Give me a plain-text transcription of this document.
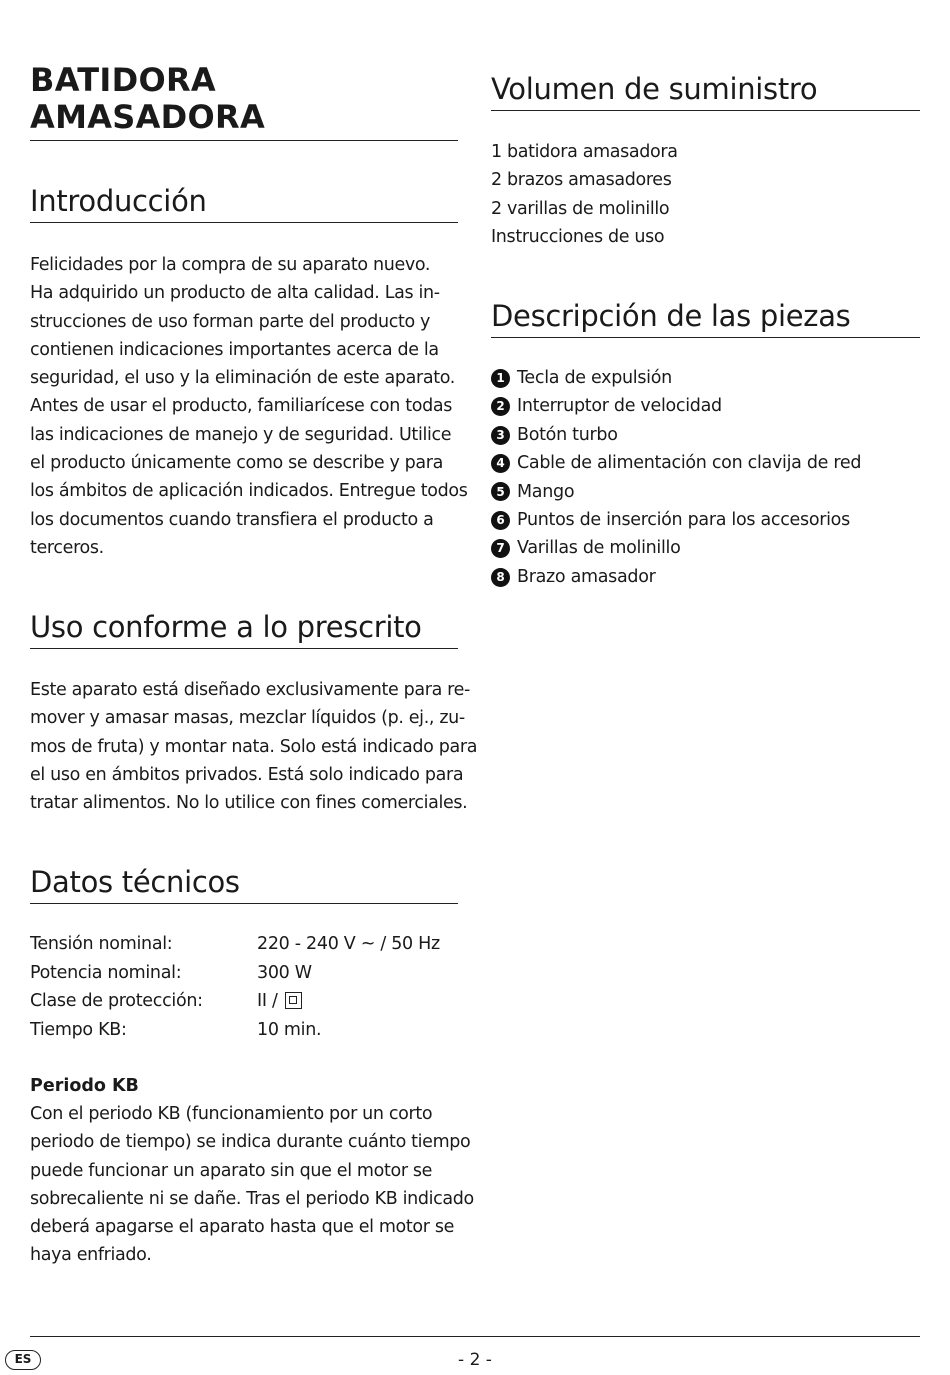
BATIDORA
AMASADORA
Introducción
Felicidades por la compra de su aparato nuevo.
Ha adquirido un producto de alta calidad. Las in-
strucciones de uso forman parte del producto y
contienen indicaciones importantes acerca de la
seguridad, el uso y la eliminación de este aparato.
Antes de usar el producto, familiarícese con todas
las indicaciones de manejo y de seguridad. Utilice
el producto únicamente como se describe y para
los ámbitos de aplicación indicados. Entregue todos
los documentos cuando transfiera el producto a
terceros.
Uso conforme a lo prescrito
Este aparato está diseñado exclusivamente para re-
mover y amasar masas, mezclar líquidos (p. ej., zu-
mos de fruta) y montar nata. Solo está indicado para
el uso en ámbitos privados. Está solo indicado para
tratar alimentos. No lo utilice con fines comerciales.
Datos técnicos
Tensión nominal:	220 - 240 V ~ / 50 Hz
Potencia nominal:	300 W
Clase de protección:	II /
Tiempo KB:	10 min.
Periodo KB
Con el periodo KB (funcionamiento por un corto
periodo de tiempo) se indica durante cuánto tiempo
puede funcionar un aparato sin que el motor se
sobrecaliente ni se dañe. Tras el periodo KB indicado
deberá apagarse el aparato hasta que el motor se
haya enfriado.
Volumen de suministro
1 batidora amasadora
2 brazos amasadores
2 varillas de molinillo
Instrucciones de uso
Descripción de las piezas
1 Tecla de expulsión
2 Interruptor de velocidad
3 Botón turbo
4 Cable de alimentación con clavija de red
5 Mango
6 Puntos de inserción para los accesorios
7 Varillas de molinillo
8 Brazo amasador
ES	- 2 -
